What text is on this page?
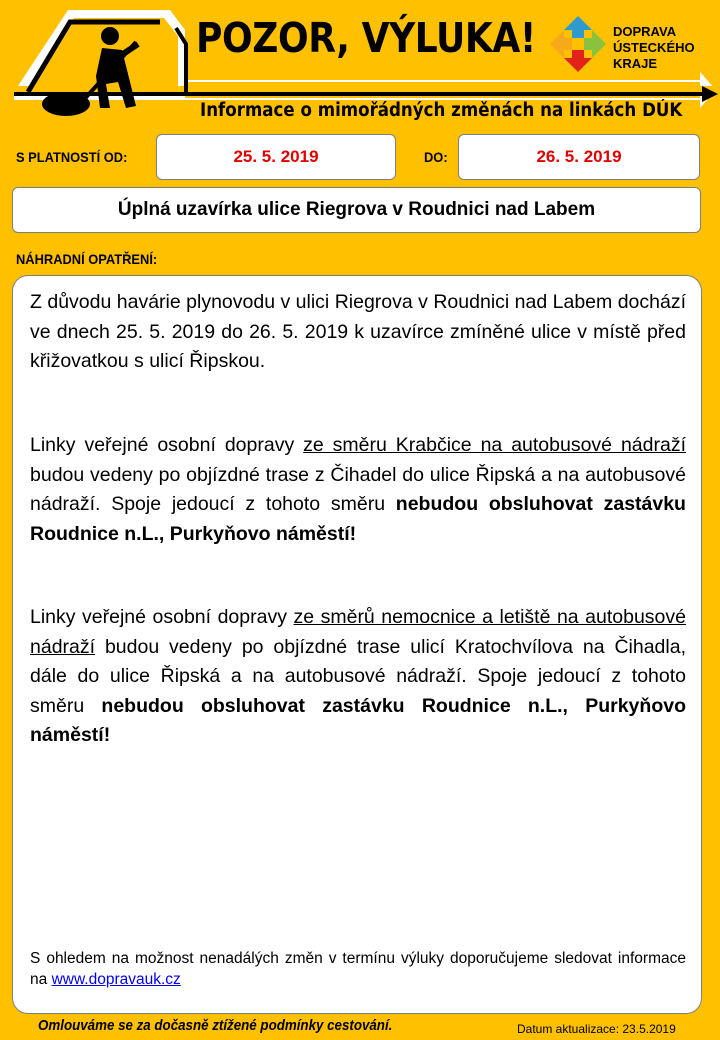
POZOR, VÝLUKA!	DOPRAVA
ÚSTECKÉHO
KRAJE
Informace o mimořádných změnách na linkách DÚK
S PLATNOSTÍ OD:	25. 5. 2019	DO:	26. 5. 2019
Úplná uzavírka ulice Riegrova v Roudnici nad Labem
NÁHRADNÍ OPATŘENÍ:

Z důvodu havárie plynovodu v ulici Riegrova v Roudnici nad Labem dochází ve dnech 25. 5. 2019 do 26. 5. 2019 k uzavírce zmíněné ulice v místě před křižovatkou s ulicí Řipskou.

Linky veřejné osobní dopravy ze směru Krabčice na autobusové nádraží budou vedeny po objízdné trase z Čihadel do ulice Řipská a na autobusové nádraží. Spoje jedoucí z tohoto směru nebudou obsluhovat zastávku Roudnice n.L., Purkyňovo náměstí!

Linky veřejné osobní dopravy ze směrů nemocnice a letiště na autobusové nádraží budou vedeny po objízdné trase ulicí Kratochvílova na Čihadla, dále do ulice Řipská a na autobusové nádraží. Spoje jedoucí z tohoto směru nebudou obsluhovat zastávku Roudnice n.L., Purkyňovo náměstí!

S ohledem na možnost nenadálých změn v termínu výluky doporučujeme sledovat informace na www.dopravauk.cz

Omlouváme se za dočasně ztížené podmínky cestování.	Datum aktualizace: 23.5.2019
